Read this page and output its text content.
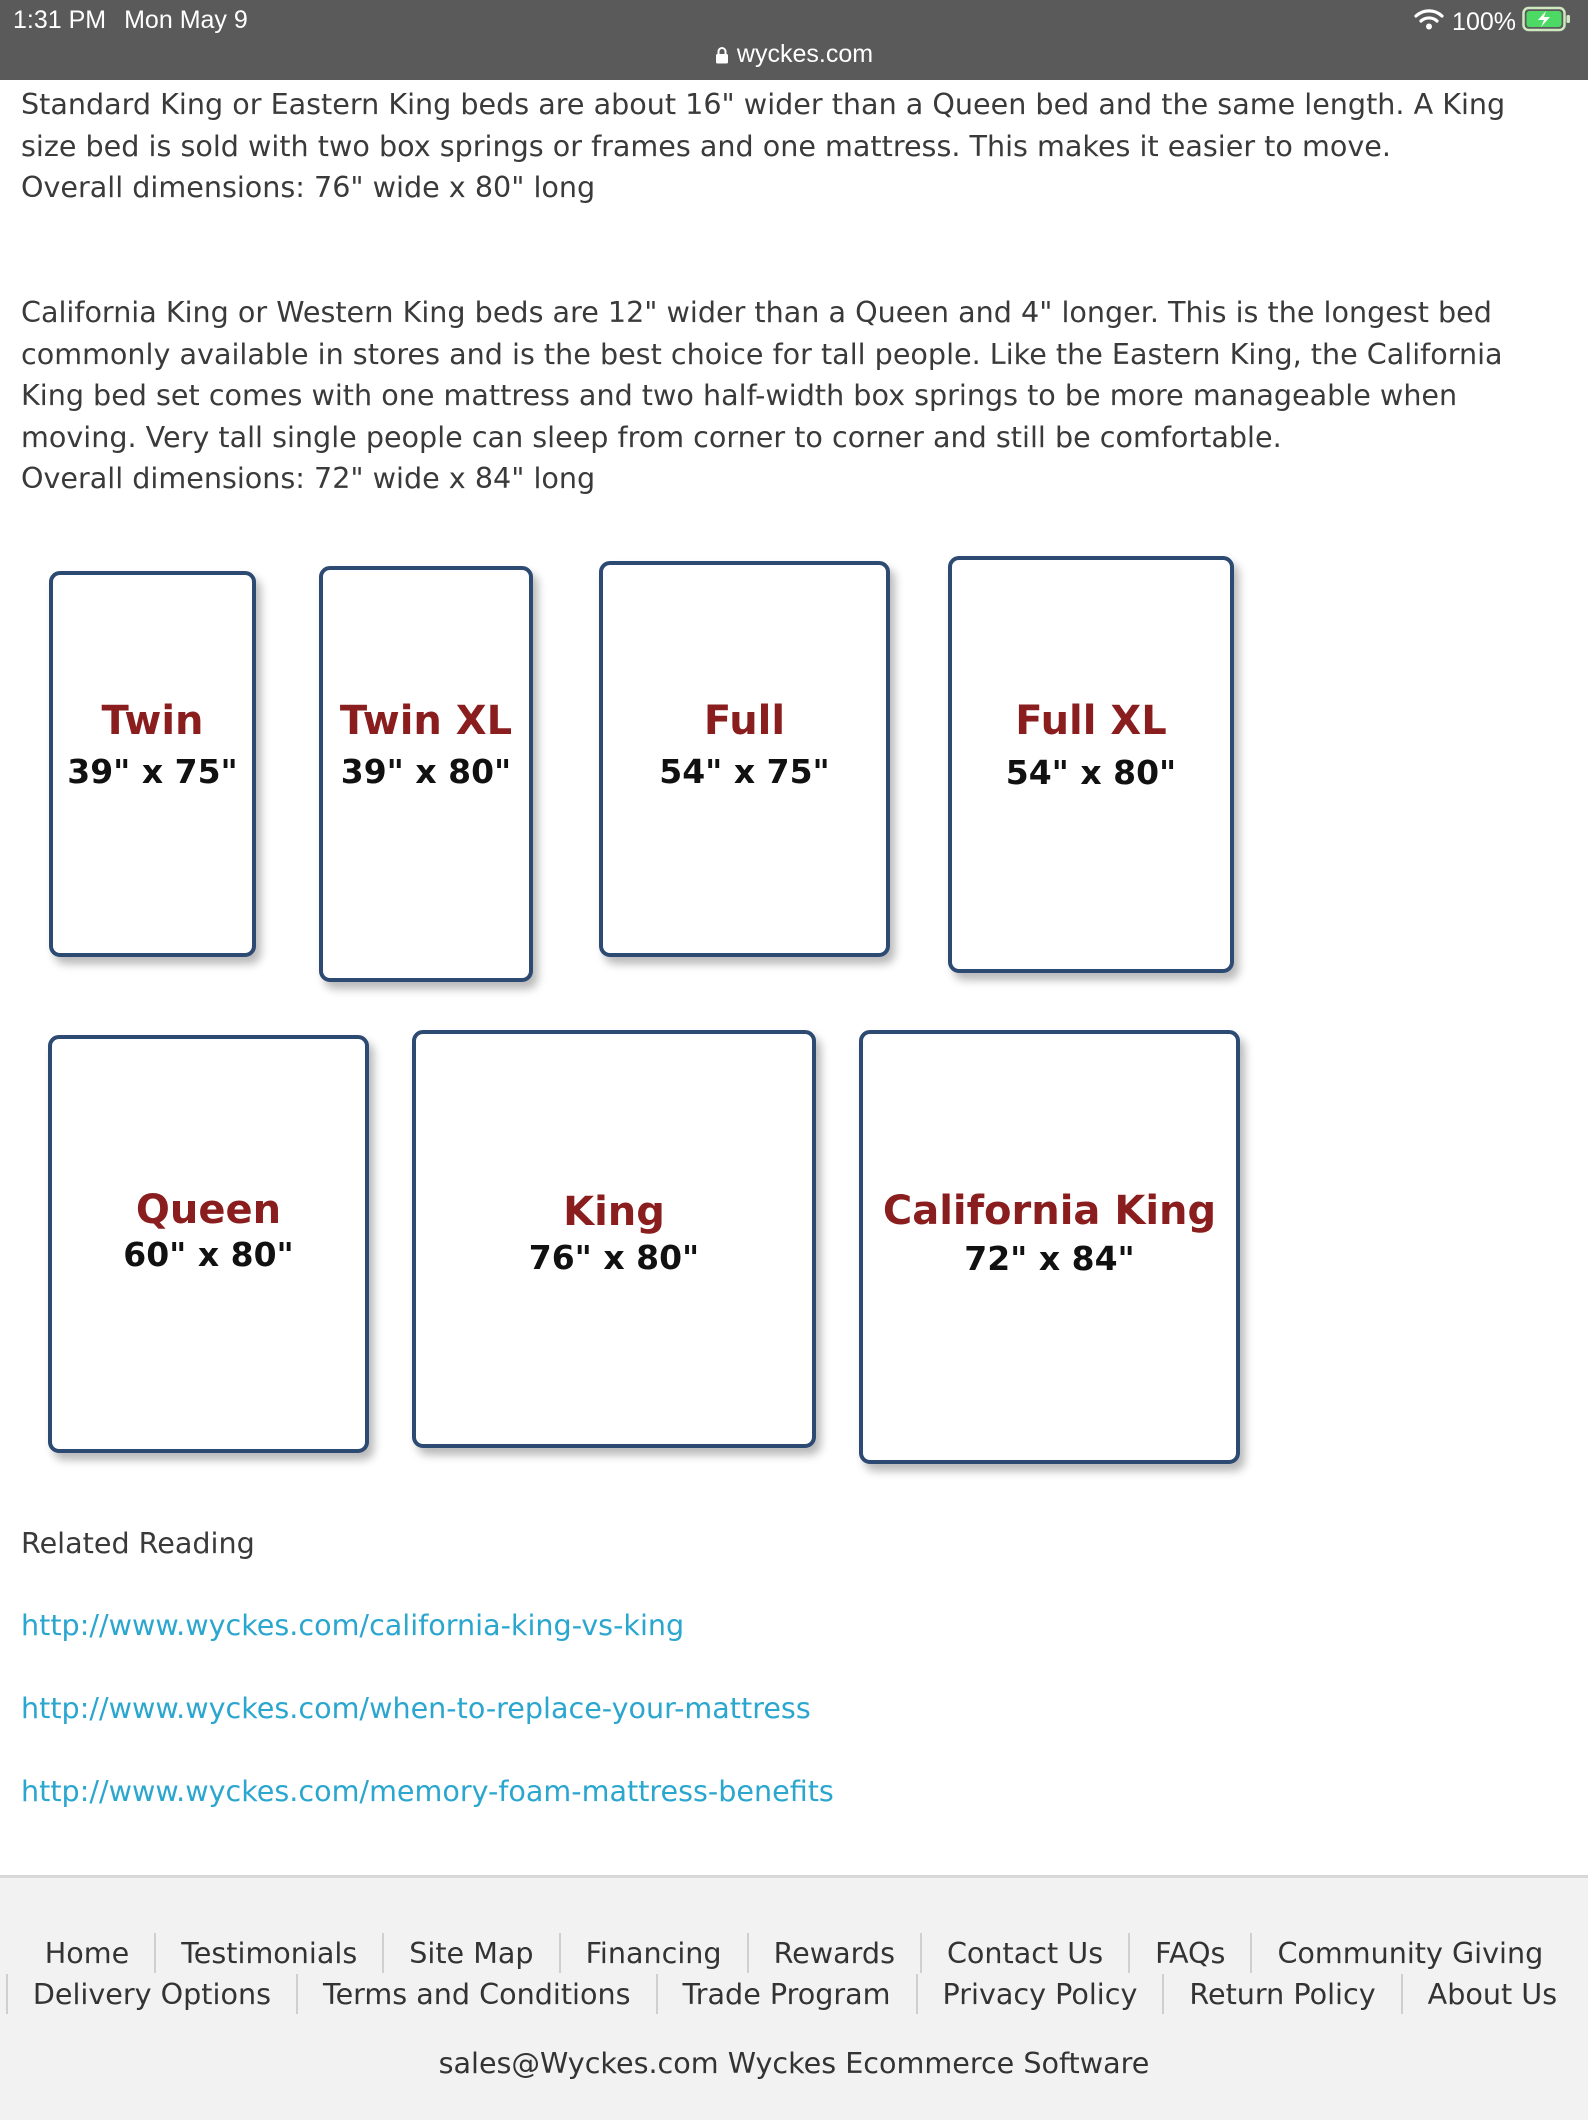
1:31 PM Mon May 9	100%
wyckes.com

Standard King or Eastern King beds are about 16" wider than a Queen bed and the same length. A King size bed is sold with two box springs or frames and one mattress. This makes it easier to move.

Overall dimensions: 76" wide x 80" long

California King or Western King beds are 12" wider than a Queen and 4" longer. This is the longest bed commonly available in stores and is the best choice for tall people. Like the Eastern King, the California King bed set comes with one mattress and two half-width box springs to be more manageable when moving. Very tall single people can sleep from corner to corner and still be comfortable.

Overall dimensions: 72" wide x 84" long

Twin
39" x 75"
Twin XL
39" x 80"
Full
54" x 75"
Full XL
54" x 80"
Queen
60" x 80"
King
76" x 80"
California King
72" x 84"
Related Reading
http://www.wyckes.com/california-king-vs-king
http://www.wyckes.com/when-to-replace-your-mattress
http://www.wyckes.com/memory-foam-mattress-benefits
Home	Testimonials	Site Map	Financing	Rewards	Contact Us	FAQs	Community Giving
Delivery Options	Terms and Conditions	Trade Program	Privacy Policy	Return Policy	About Us
sales@Wyckes.com Wyckes Ecommerce Software
